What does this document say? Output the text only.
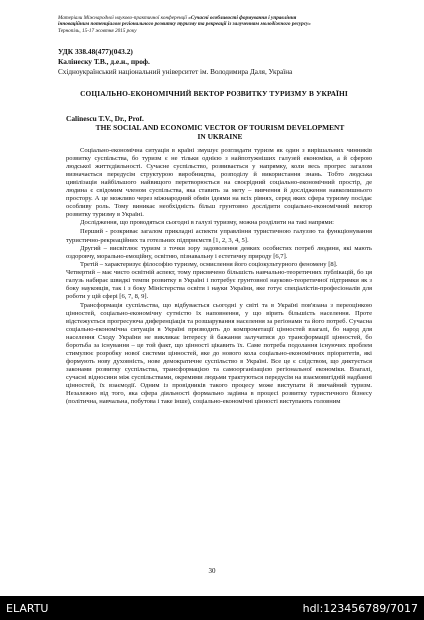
Матеріали Міжнародної науково-практичної конференції «Сучасні особливості формування і управління
інноваційним потенціалом регіонального розвитку туризму та рекреації із залученням молодіжного ресурсу»
Тернопіль, 15-17 жовтня 2015 року
УДК 338.48(477)(043.2)
Калінеску Т.В., д.е.н., проф.
Східноукраїнський національний університет ім. Володимира Даля, Україна
СОЦІАЛЬНО-ЕКОНОМІЧНИЙ ВЕКТОР РОЗВИТКУ ТУРИЗМУ В УКРАЇНІ
Calinescu T.V., Dr., Prof.
THE SOCIAL AND ECONOMIC VECTOR OF TOURISM DEVELOPMENT
IN UKRAINE

Соціально-економічна ситуація в країні змушує розглядати туризм як один з вирішальних чинників розвитку суспільства, бо туризм є не тільки однією з найпотужніших галузей економіки, а й сферою людської життєдіяльності. Сучасне суспільство, розвивається у напрямку, коли весь прогрес загалом визначається передусім структурою виробництва, розподілу й використання знань. Тобто людська цивілізація найбільшого найвищого перетворюється на своєрідний соціально-економічний простір, де людина є свідомим членом суспільства, яка ставить за мету – вивчення й дослідження навколишнього простору. А це можливо через міжнародний обмін ідеями на всіх рівнях, серед яких сфера туризму посідає особливу роль. Тому виникає необхідність більш грунтовно дослідити соціально-економічний вектор розвитку туризму в Україні.

Дослідження, що проводяться сьогодні в галузі туризму, можна розділити на такі напрями:

Перший - розкриває загалом прикладні аспекти управління туристичною галуззю та функціонування туристично-рекреаційних та готельних підприємств [1, 2, 3, 4, 5].

Другий – висвітлює туризм з точки зору задоволення деяких особистих потреб людини, які мають оздоровчу, морально-емоційну, освітню, пізнавальну і естетичну природу [6,7].

Третій – характеризує філософію туризму, осмислення його соціокультурного феномену [8].

Четвертий – має чисто освітній аспект, тому присвячено більшість навчально-теоретичних публікацій, бо ця галузь набирає швидкі темпи розвитку в Україні і потребує грунтовної науково-теоретичної підтримки як з боку науковців, так і з боку Міністерства освіти і науки України, яке готує спеціалістів-професіоналів для роботи у цій сфері [6, 7, 8, 9].

Трансформація суспільства, що відбувається сьогодні у світі та в Україні пов'язана з переоцінкою цінностей, соціально-економічну сутністю їх наповнення, у що вірить більшість населення. Проте відстежується прогресуюча диференціація та розшарування населення за регіонами та його потреб. Сучасна соціально-економічна ситуація в Україні призводить до компрометації цінностей взагалі, бо народ для населення Сходу України не викликає інтересу й бажання залучатися до трансформації цінностей, бо боротьба за існування – це той факт, що цінності цікавить їх. Саме потреба подолання існуючих проблем стимулює розробку нової системи цінностей, яке до нового кола соціально-економічних пріоритетів, які формують нову духовність, нове демократичне суспільство в Україні. Все це є слідством, що диктується законами розвитку суспільства, трансформацією та самоорганізацією регіональної економіки. Взагалі, сучасні відносини між суспільствами, окремими людьми трактуються передусім на взаємовигідній надбанні цінностей, їх взаємодії. Одним із провідників такого процесу може виступати й звичайний туризм. Незалежно від того, яка сфера діяльності формально задіяна в процесі розвитку туристичного бізнесу (політична, навчальна, побутова і таке інше), соціально-економічні цінності виступають головним

30
ELARTU	hdl:123456789/7017
